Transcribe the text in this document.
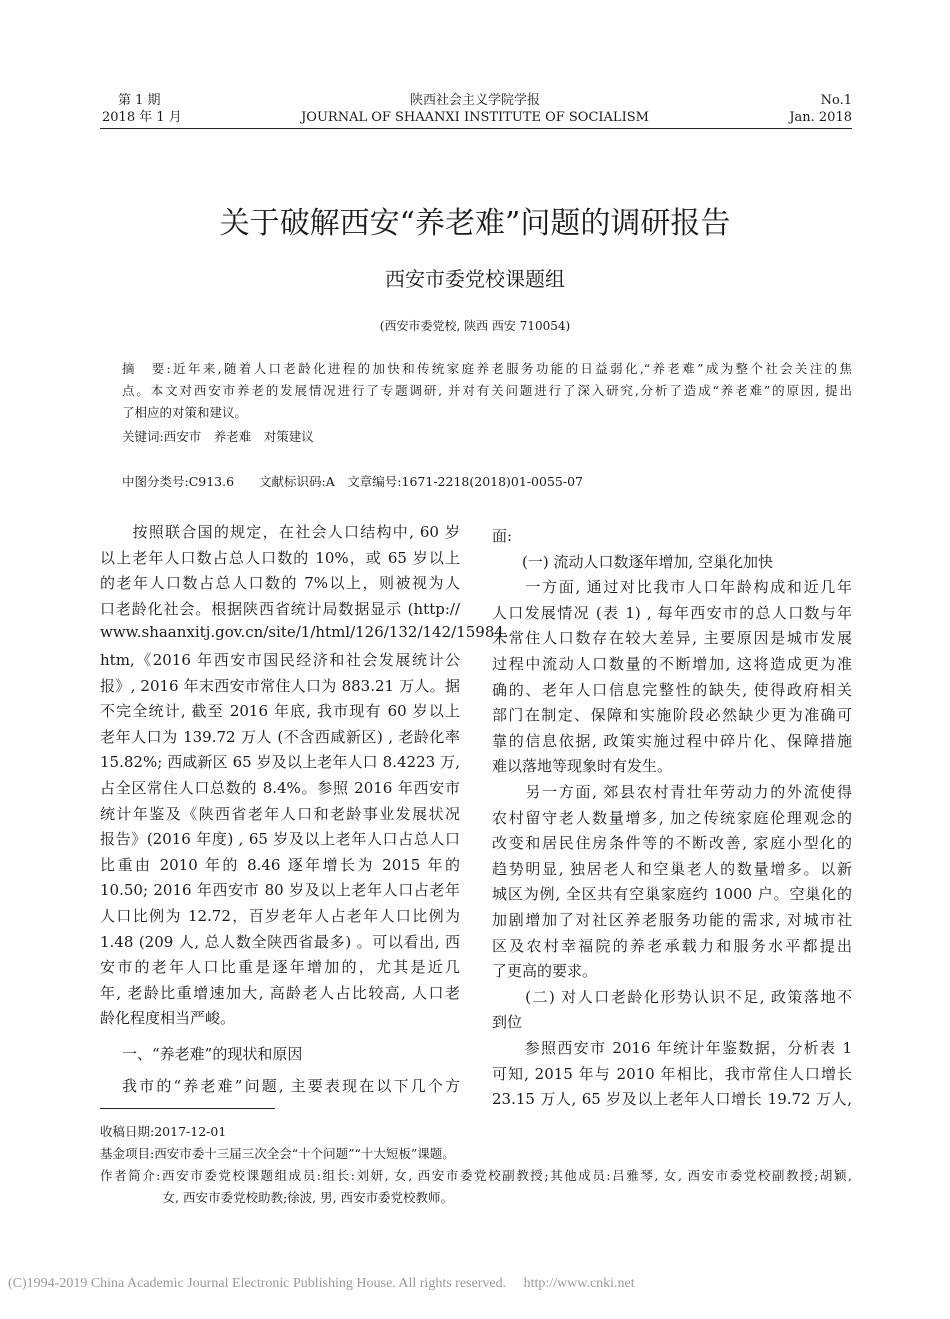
第 1 期
2018 年 1 月
陕西社会主义学院学报
JOURNAL OF SHAANXI INSTITUTE OF SOCIALISM
No.1
Jan. 2018
关于破解西安“养老难”问题的调研报告
西安市委党校课题组
(西安市委党校, 陕西 西安 710054)
关键词:西安市　养老难　对策建议
中图分类号:C913.6　　文献标识码:A　文章编号:1671-2218(2018)01-0055-07
一、“养老难”的现状和原因
我市的“养老难”问题, 主要表现在以下几个方
(C)1994-2019 China Academic Journal Electronic Publishing House. All rights reserved.　 http://www.cnki.net
摘　要:近年来,随着人口老龄化进程的加快和传统家庭养老服务功能的日益弱化,“养老难”成为整个社会关注的焦
点。本文对西安市养老的发展情况进行了专题调研, 并对有关问题进行了深入研究,分析了造成“养老难”的原因, 提出
了相应的对策和建议。
　　按照联合国的规定，在社会人口结构中, 60 岁
以上老年人口数占总人口数的 10%，或 65 岁以上
的老年人口数占总人口数的 7%以上，则被视为人
口老龄化社会。根据陕西省统计局数据显示 (http://
www.shaanxitj.gov.cn/site/1/html/126/132/142/15984.
htm,《2016 年西安市国民经济和社会发展统计公
报》, 2016 年末西安市常住人口为 883.21 万人。据
不完全统计, 截至 2016 年底, 我市现有 60 岁以上
老年人口为 139.72 万人 (不含西咸新区) , 老龄化率
15.82%; 西咸新区 65 岁及以上老年人口 8.4223 万,
占全区常住人口总数的 8.4%。参照 2016 年西安市
统计年鉴及《陕西省老年人口和老龄事业发展状况
报告》(2016 年度) , 65 岁及以上老年人口占总人口
比重由 2010 年的 8.46 逐年增长为 2015 年的
10.50; 2016 年西安市 80 岁及以上老年人口占老年
人口比例为 12.72，百岁老年人占老年人口比例为
1.48 (209 人, 总人数全陕西省最多) 。可以看出, 西
安市的老年人口比重是逐年增加的，尤其是近几
年, 老龄比重增速加大, 高龄老人占比较高, 人口老
龄化程度相当严峻。
面:
　　(一) 流动人口数逐年增加, 空巢化加快
　　一方面, 通过对比我市人口年龄构成和近几年
人口发展情况 (表 1) , 每年西安市的总人口数与年
末常住人口数存在较大差异, 主要原因是城市发展
过程中流动人口数量的不断增加, 这将造成更为准
确的、老年人口信息完整性的缺失, 使得政府相关
部门在制定、保障和实施阶段必然缺少更为准确可
靠的信息依据, 政策实施过程中碎片化、保障措施
难以落地等现象时有发生。
　　另一方面, 郊县农村青壮年劳动力的外流使得
农村留守老人数量增多, 加之传统家庭伦理观念的
改变和居民住房条件等的不断改善, 家庭小型化的
趋势明显, 独居老人和空巢老人的数量增多。以新
城区为例, 全区共有空巢家庭约 1000 户。空巢化的
加剧增加了对社区养老服务功能的需求, 对城市社
区及农村幸福院的养老承载力和服务水平都提出
了更高的要求。
　　(二) 对人口老龄化形势认识不足, 政策落地不
到位
　　参照西安市 2016 年统计年鉴数据，分析表 1
可知, 2015 年与 2010 年相比，我市常住人口增长
23.15 万人, 65 岁及以上老年人口增长 19.72 万人,
收稿日期:2017-12-01
基金项目:西安市委十三届三次全会“十个问题”“十大短板”课题。
作者简介:西安市委党校课题组成员:组长:刘妍, 女, 西安市委党校副教授;其他成员:吕雅琴, 女, 西安市委党校副教授;胡颖,
　　　　　女, 西安市委党校助教;徐波, 男, 西安市委党校教师。
